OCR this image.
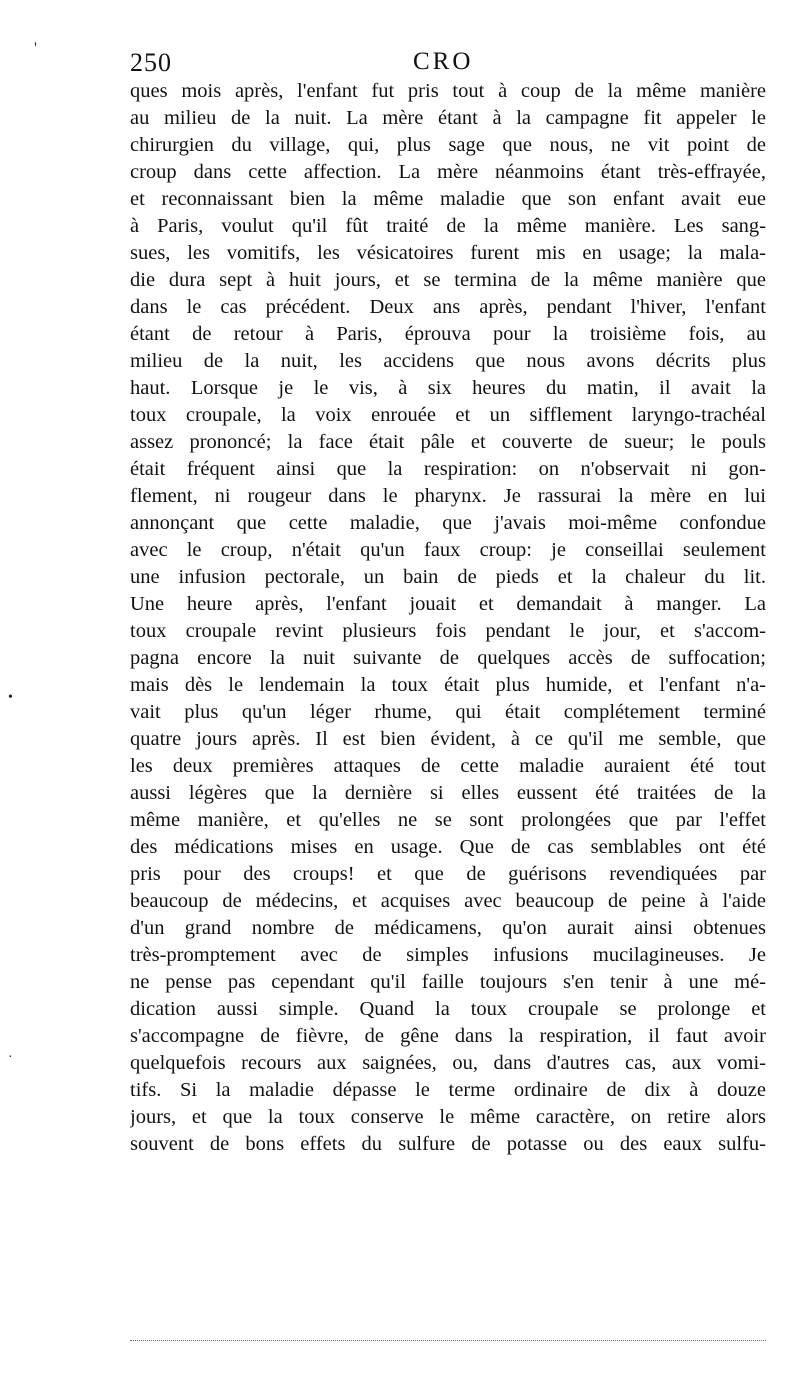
'
•
·
250	CRO
ques mois après, l'enfant fut pris tout à coup de la même manière
au milieu de la nuit. La mère étant à la campagne fit appeler le
chirurgien du village, qui, plus sage que nous, ne vit point de
croup dans cette affection. La mère néanmoins étant très-effrayée,
et reconnaissant bien la même maladie que son enfant avait eue
à Paris, voulut qu'il fût traité de la même manière. Les sang-
sues, les vomitifs, les vésicatoires furent mis en usage; la mala-
die dura sept à huit jours, et se termina de la même manière que
dans le cas précédent. Deux ans après, pendant l'hiver, l'enfant
étant de retour à Paris, éprouva pour la troisième fois, au
milieu de la nuit, les accidens que nous avons décrits plus
haut. Lorsque je le vis, à six heures du matin, il avait la
toux croupale, la voix enrouée et un sifflement laryngo-trachéal
assez prononcé; la face était pâle et couverte de sueur; le pouls
était fréquent ainsi que la respiration: on n'observait ni gon-
flement, ni rougeur dans le pharynx. Je rassurai la mère en lui
annonçant que cette maladie, que j'avais moi-même confondue
avec le croup, n'était qu'un faux croup: je conseillai seulement
une infusion pectorale, un bain de pieds et la chaleur du lit.
Une heure après, l'enfant jouait et demandait à manger. La
toux croupale revint plusieurs fois pendant le jour, et s'accom-
pagna encore la nuit suivante de quelques accès de suffocation;
mais dès le lendemain la toux était plus humide, et l'enfant n'a-
vait plus qu'un léger rhume, qui était complétement terminé
quatre jours après. Il est bien évident, à ce qu'il me semble, que
les deux premières attaques de cette maladie auraient été tout
aussi légères que la dernière si elles eussent été traitées de la
même manière, et qu'elles ne se sont prolongées que par l'effet
des médications mises en usage. Que de cas semblables ont été
pris pour des croups! et que de guérisons revendiquées par
beaucoup de médecins, et acquises avec beaucoup de peine à l'aide
d'un grand nombre de médicamens, qu'on aurait ainsi obtenues
très-promptement avec de simples infusions mucilagineuses. Je
ne pense pas cependant qu'il faille toujours s'en tenir à une mé-
dication aussi simple. Quand la toux croupale se prolonge et
s'accompagne de fièvre, de gêne dans la respiration, il faut avoir
quelquefois recours aux saignées, ou, dans d'autres cas, aux vomi-
tifs. Si la maladie dépasse le terme ordinaire de dix à douze
jours, et que la toux conserve le même caractère, on retire alors
souvent de bons effets du sulfure de potasse ou des eaux sulfu-
